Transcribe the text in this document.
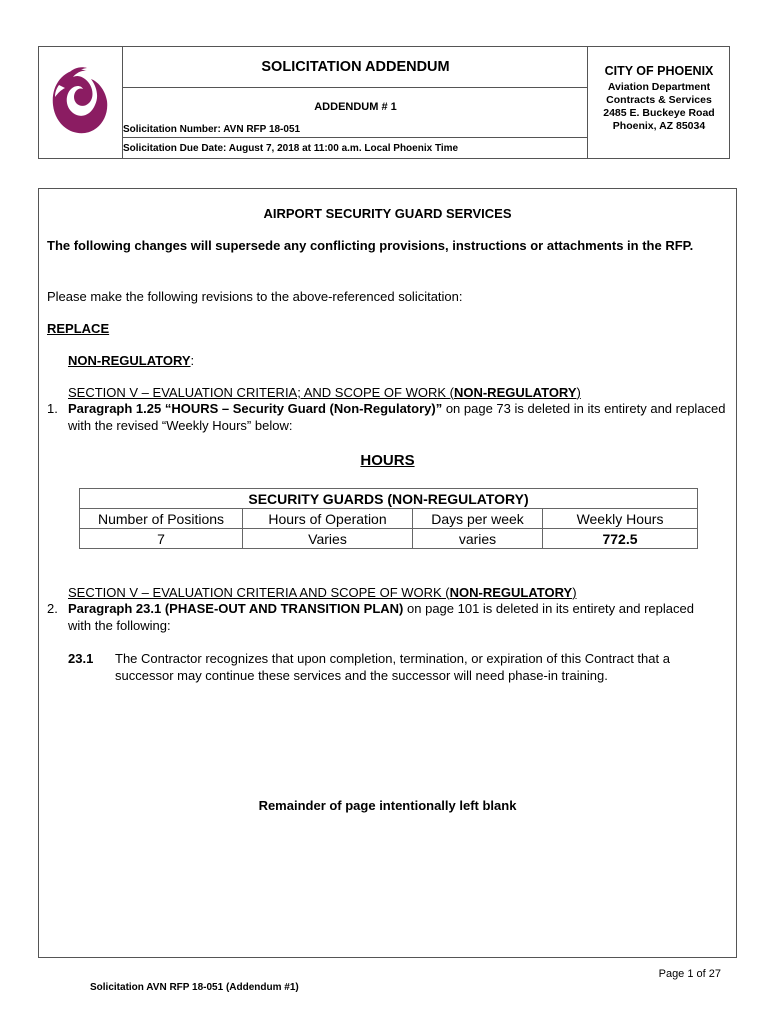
SOLICITATION ADDENDUM
ADDENDUM # 1
Solicitation Number: AVN RFP 18-051
Solicitation Due Date: August 7, 2018 at 11:00 a.m. Local Phoenix Time
CITY OF PHOENIX
Aviation Department
Contracts & Services
2485 E. Buckeye Road
Phoenix, AZ 85034
AIRPORT SECURITY GUARD SERVICES
The following changes will supersede any conflicting provisions, instructions or attachments in the RFP.
Please make the following revisions to the above-referenced solicitation:
REPLACE
NON-REGULATORY:
SECTION V – EVALUATION CRITERIA; AND SCOPE OF WORK (NON-REGULATORY)
1. Paragraph 1.25 “HOURS – Security Guard (Non-Regulatory)” on page 73 is deleted in its entirety and replaced with the revised “Weekly Hours” below:
HOURS
SECURITY GUARDS (NON-REGULATORY)			
Number of Positions	Hours of Operation	Days per week	Weekly Hours
7	Varies	varies	772.5
SECTION V – EVALUATION CRITERIA AND SCOPE OF WORK (NON-REGULATORY)
2. Paragraph 23.1 (PHASE-OUT AND TRANSITION PLAN) on page 101 is deleted in its entirety and replaced with the following:
23.1 The Contractor recognizes that upon completion, termination, or expiration of this Contract that a successor may continue these services and the successor will need phase-in training.
Remainder of page intentionally left blank
Page 1 of 27
Solicitation AVN RFP 18-051 (Addendum #1)
